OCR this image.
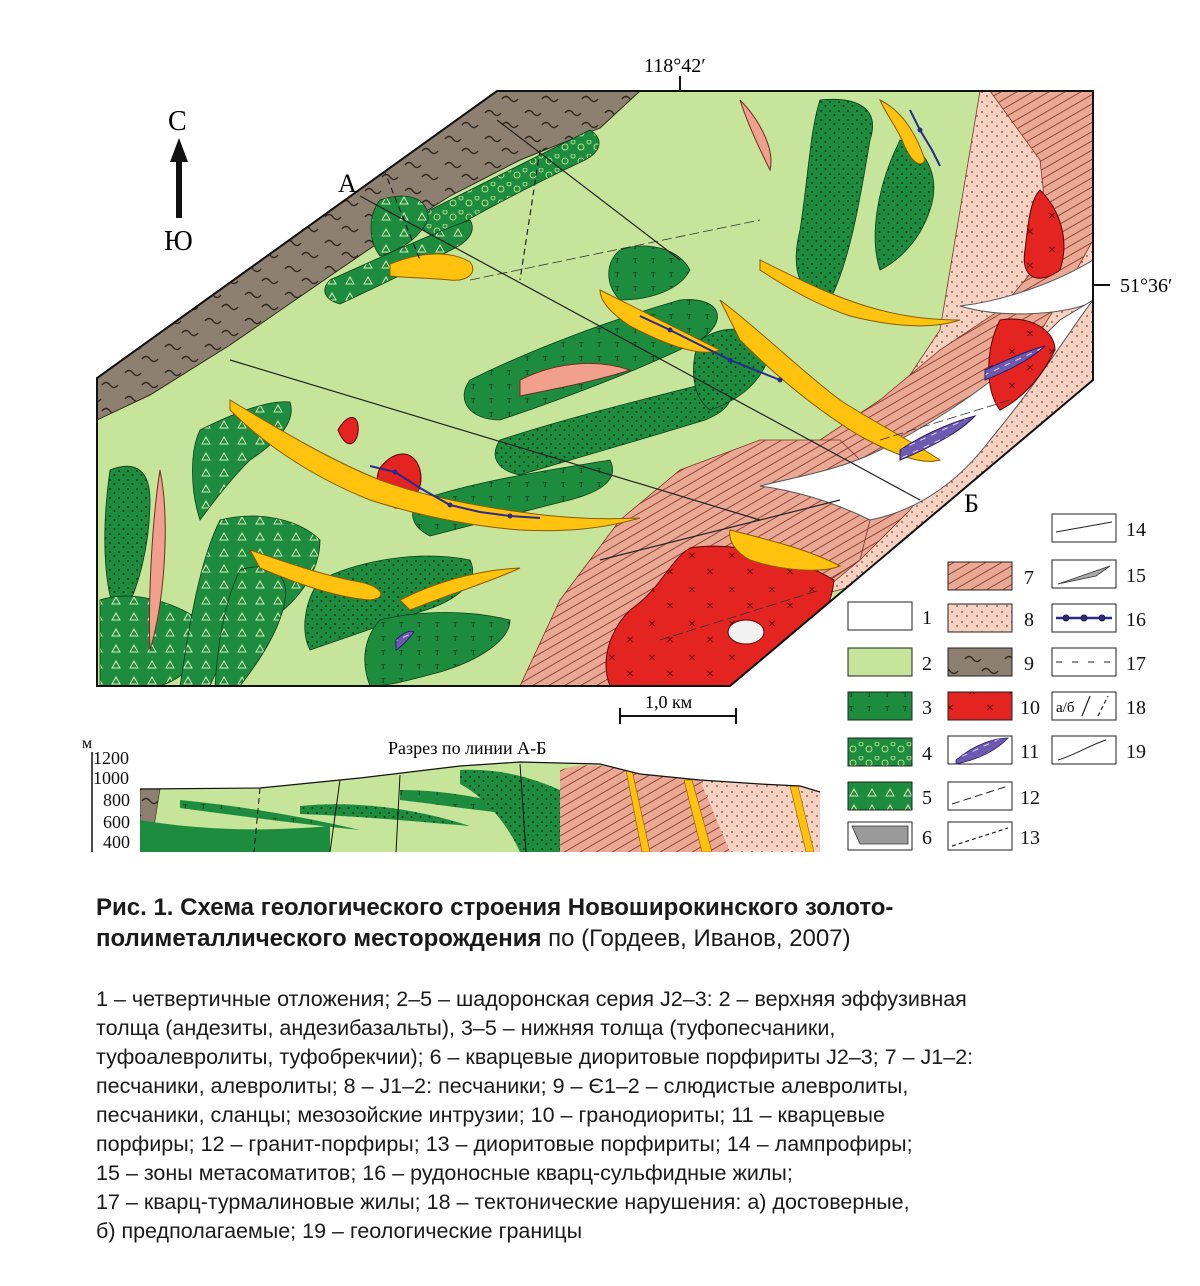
118°42′
51°36′
С
Ю
А
Б
1,0 км	а/б
1
2
3
4
5
6
7
8
9
10
11
12
13
14
15
16
17
18
19
Разрез по линии А-Б
м
1200
1000
800
600
400
Рис. 1. Схема геологического строения Новоширокинского золото-полиметаллического месторождения по (Гордеев, Иванов, 2007)
1 – четвертичные отложения; 2–5 – шадоронская серия J2–3: 2 – верхняя эффузивная
толща (андезиты, андезибазальты), 3–5 – нижняя толща (туфопесчаники,
туфоалевролиты, туфобрекчии); 6 – кварцевые диоритовые порфириты J2–3; 7 – J1–2:
песчаники, алевролиты; 8 – J1–2: песчаники; 9 – Є1–2 – слюдистые алевролиты,
песчаники, сланцы; мезозойские интрузии; 10 – гранодиориты; 11 – кварцевые
порфиры; 12 – гранит-порфиры; 13 – диоритовые порфириты; 14 – лампрофиры;
15 – зоны метасоматитов; 16 – рудоносные кварц-сульфидные жилы;
17 – кварц-турмалиновые жилы; 18 – тектонические нарушения: а) достоверные,
б) предполагаемые; 19 – геологические границы
